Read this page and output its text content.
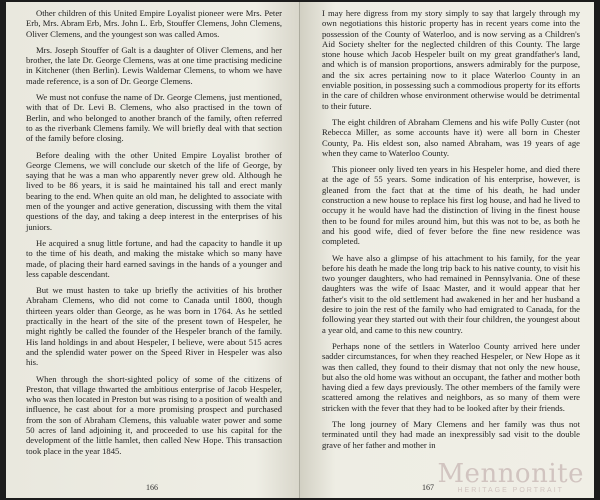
Other children of this United Empire Loyalist pioneer were Mrs. Peter Erb, Mrs. Abram Erb, Mrs. John L. Erb, Stouffer Clemens, John Clemens, Oliver Clemens, and the youngest son was called Amos.

Mrs. Joseph Stouffer of Galt is a daughter of Oliver Clemens, and her brother, the late Dr. George Clemens, was at one time practising medicine in Kitchener (then Berlin). Lewis Waldemar Clemens, to whom we have made reference, is a son of Dr. George Clemens.

We must not confuse the name of Dr. George Clemens, just mentioned, with that of Dr. Levi B. Clemens, who also practised in the town of Berlin, and who belonged to another branch of the family, often referred to as the riverbank Clemens family. We will briefly deal with that section of the family before closing.

Before dealing with the other United Empire Loyalist brother of George Clemens, we will conclude our sketch of the life of George, by saying that he was a man who apparently never grew old. Although he lived to be 86 years, it is said he maintained his tall and erect manly bearing to the end. When quite an old man, he delighted to associate with men of the younger and active generation, discussing with them the vital questions of the day, and taking a deep interest in the enterprises of his juniors.

He acquired a snug little fortune, and had the capacity to handle it up to the time of his death, and making the mistake which so many have made, of placing their hard earned savings in the hands of a younger and less capable descendant.

But we must hasten to take up briefly the activities of his brother Abraham Clemens, who did not come to Canada until 1800, though thirteen years older than George, as he was born in 1764. As he settled practically in the heart of the site of the present town of Hespeler, he might rightly be called the founder of the Hespeler branch of the family. His land holdings in and about Hespeler, I believe, were about 515 acres and the splendid water power on the Speed River in Hespeler was also his.

When through the short-sighted policy of some of the citizens of Preston, that village thwarted the ambitious enterprise of Jacob Hespeler, who was then located in Preston but was rising to a position of wealth and influence, he cast about for a more promising prospect and purchased from the son of Abraham Clemens, this valuable water power and some 50 acres of land adjoining it, and proceeded to use his capital for the development of the little hamlet, then called New Hope. This transaction took place in the year 1845.

166

I may here digress from my story simply to say that largely through my own negotiations this historic property has in recent years come into the possession of the County of Waterloo, and is now serving as a Children's Aid Society shelter for the neglected children of this County. The large stone house which Jacob Hespeler built on my great grandfather's land, and which is of mansion proportions, answers admirably for the purpose, and the six acres pertaining now to it place Waterloo County in an enviable position, in possessing such a commodious property for its efforts in the care of children whose environment otherwise would be detrimental to their future.

The eight children of Abraham Clemens and his wife Polly Custer (not Rebecca Miller, as some accounts have it) were all born in Chester County, Pa. His eldest son, also named Abraham, was 19 years of age when they came to Waterloo County.

This pioneer only lived ten years in his Hespeler home, and died there at the age of 55 years. Some indication of his enterprise, however, is gleaned from the fact that at the time of his death, he had under construction a new house to replace his first log house, and had he lived to occupy it he would have had the distinction of living in the finest house then to be found for miles around him, but this was not to be, as both he and his good wife, died of fever before the fine new residence was completed.

We have also a glimpse of his attachment to his family, for the year before his death he made the long trip back to his native county, to visit his two younger daughters, who had remained in Pennsylvania. One of these daughters was the wife of Isaac Master, and it would appear that her father's visit to the old settlement had awakened in her and her husband a desire to join the rest of the family who had emigrated to Canada, for the following year they started out with their four children, the youngest about a year old, and came to this new country.

Perhaps none of the settlers in Waterloo County arrived here under sadder circumstances, for when they reached Hespeler, or New Hope as it was then called, they found to their dismay that not only the new house, but also the old home was without an occupant, the father and mother both having died a few days previously. The other members of the family were scattered among the relatives and neighbors, as so many of them were stricken with the fever that they had to be looked after by their friends.

The long journey of Mary Clemens and her family was thus not terminated until they had made an inexpressibly sad visit to the double grave of her father and mother in

167 Mennonite
HERITAGE PORTRAIT
